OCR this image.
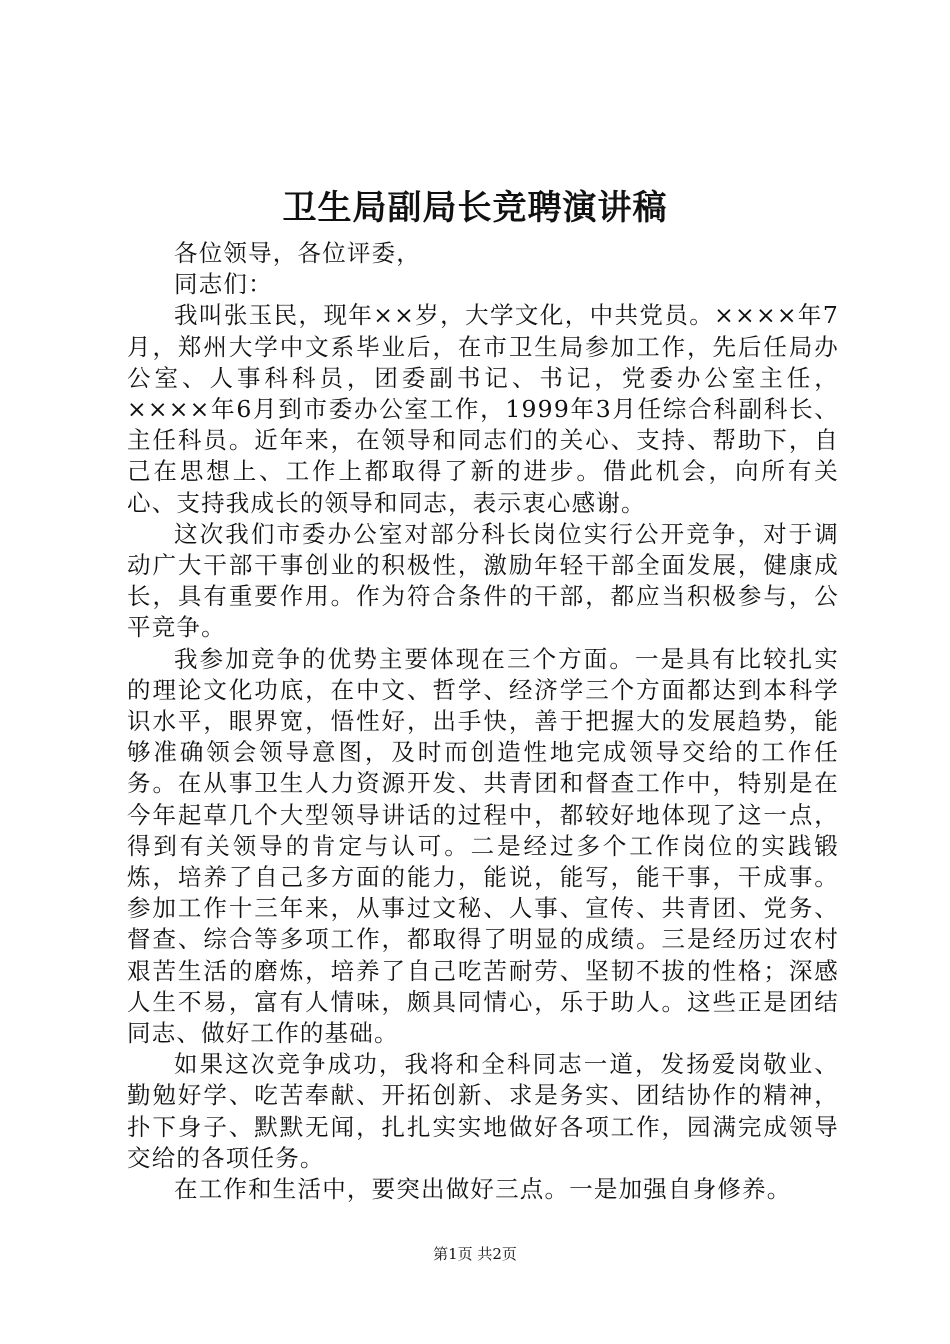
卫生局副局长竞聘演讲稿

各位领导，各位评委，

同志们：

我叫张玉民，现年××岁，大学文化，中共党员。××××年7月，郑州大学中文系毕业后，在市卫生局参加工作，先后任局办公室、人事科科员，团委副书记、书记，党委办公室主任，××××年6月到市委办公室工作，1999年3月任综合科副科长、主任科员。近年来，在领导和同志们的关心、支持、帮助下，自己在思想上、工作上都取得了新的进步。借此机会，向所有关心、支持我成长的领导和同志，表示衷心感谢。

这次我们市委办公室对部分科长岗位实行公开竞争，对于调动广大干部干事创业的积极性，激励年轻干部全面发展，健康成长，具有重要作用。作为符合条件的干部，都应当积极参与，公平竞争。

我参加竞争的优势主要体现在三个方面。一是具有比较扎实的理论文化功底，在中文、哲学、经济学三个方面都达到本科学识水平，眼界宽，悟性好，出手快，善于把握大的发展趋势，能够准确领会领导意图，及时而创造性地完成领导交给的工作任务。在从事卫生人力资源开发、共青团和督查工作中，特别是在今年起草几个大型领导讲话的过程中，都较好地体现了这一点，得到有关领导的肯定与认可。二是经过多个工作岗位的实践锻炼，培养了自己多方面的能力，能说，能写，能干事，干成事。参加工作十三年来，从事过文秘、人事、宣传、共青团、党务、督查、综合等多项工作，都取得了明显的成绩。三是经历过农村艰苦生活的磨炼，培养了自己吃苦耐劳、坚韧不拔的性格；深感人生不易，富有人情味，颇具同情心，乐于助人。这些正是团结同志、做好工作的基础。

如果这次竞争成功，我将和全科同志一道，发扬爱岗敬业、勤勉好学、吃苦奉献、开拓创新、求是务实、团结协作的精神，扑下身子、默默无闻，扎扎实实地做好各项工作，园满完成领导交给的各项任务。

在工作和生活中，要突出做好三点。一是加强自身修养。

第1页 共2页
